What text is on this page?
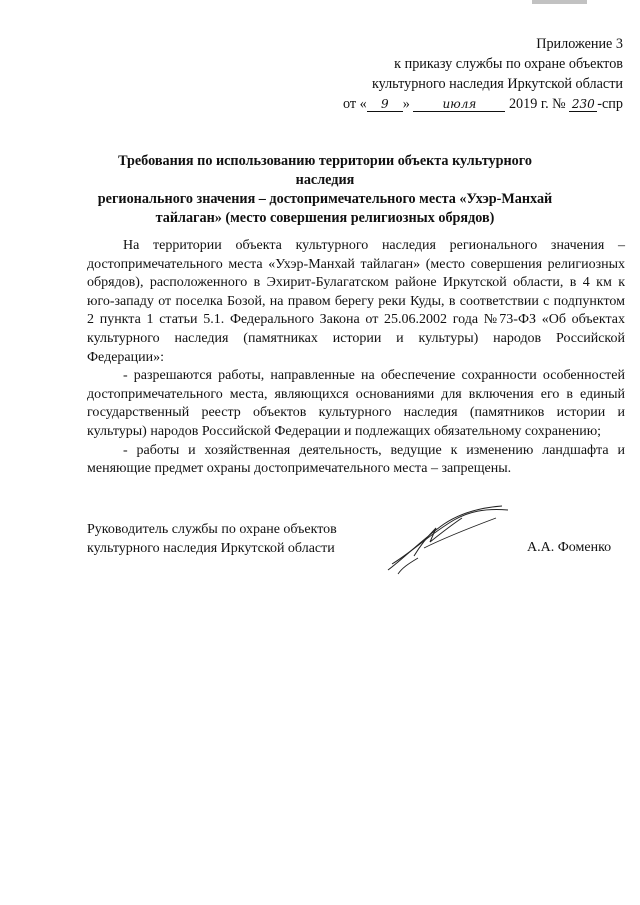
Приложение 3
к приказу службы по охране объектов
культурного наследия Иркутской области
от « 9 »	июля 2019 г. № 230 -спр
Требования по использованию территории объекта культурного наследия
регионального значения – достопримечательного места «Ухэр-Манхай
тайлаган» (место совершения религиозных обрядов)

На территории объекта культурного наследия регионального значения – достопримечательного места «Ухэр-Манхай тайлаган» (место совершения религиозных обрядов), расположенного в Эхирит-Булагатском районе Иркутской области, в 4 км к юго-западу от поселка Бозой, на правом берегу реки Куды, в соответствии с подпунктом 2 пункта 1 статьи 5.1. Федерального Закона от 25.06.2002 года №73-ФЗ «Об объектах культурного наследия (памятниках истории и культуры) народов Российской Федерации»:

- разрешаются работы, направленные на обеспечение сохранности особенностей достопримечательного места, являющихся основаниями для включения его в единый государственный реестр объектов культурного наследия (памятников истории и культуры) народов Российской Федерации и подлежащих обязательному сохранению;

- работы и хозяйственная деятельность, ведущие к изменению ландшафта и меняющие предмет охраны достопримечательного места – запрещены.

Руководитель службы по охране объектов
культурного наследия Иркутской области	А.А. Фоменко
